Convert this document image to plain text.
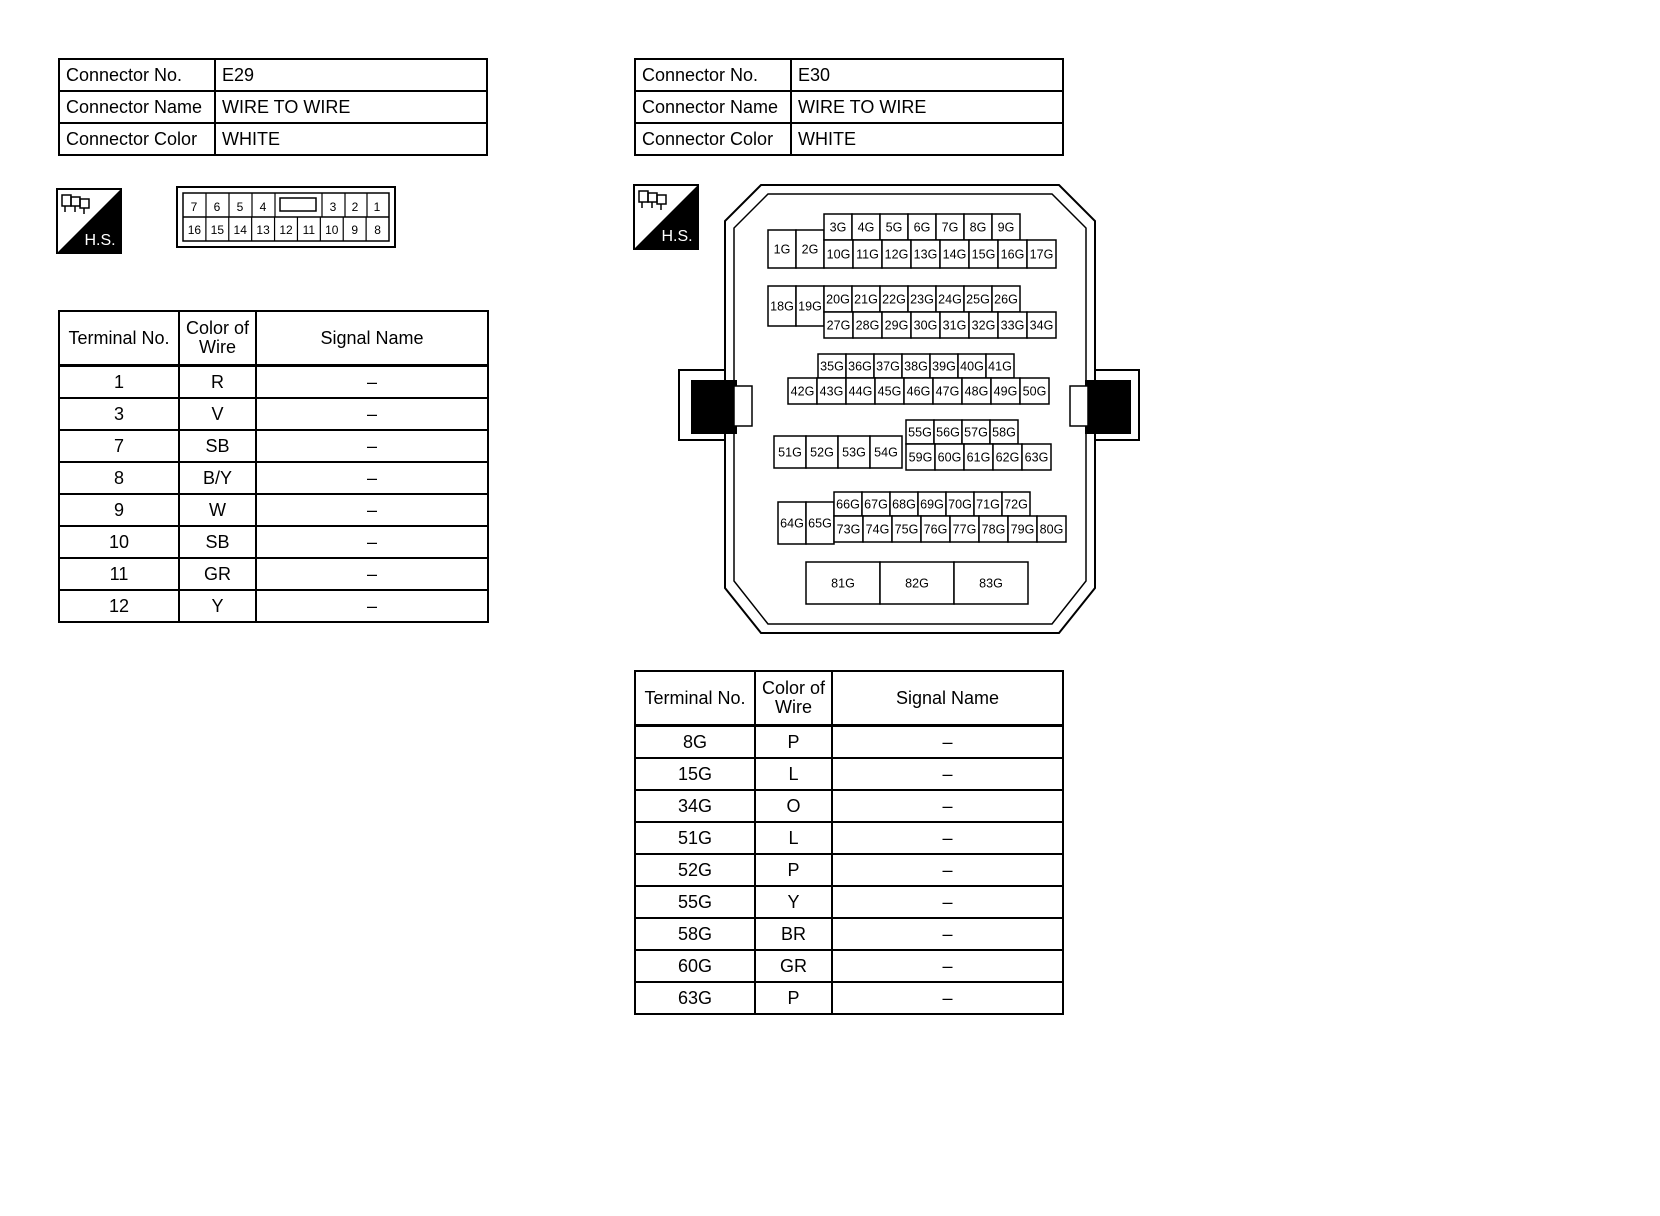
Connector No.	E29
Connector Name	WIRE TO WIRE
Connector Color	WHITE
H.S.
7 6 5 4	3 2 1
16 15 14 13 12 11 10 9 8
Terminal No.	Color of Wire	Signal Name
1	R	–
3	V	–
7	SB	–
8	B/Y	–
9	W	–
10	SB	–
11	GR	–
12	Y	–
Connector No.	E30
Connector Name	WIRE TO WIRE
Connector Color	WHITE
H.S.
1G 2G
3G 4G 5G 6G 7G 8G 9G
10G 11G 12G 13G 14G 15G 16G 17G
18G 19G 20G 21G 22G 23G 24G 25G 26G
27G 28G 29G 30G 31G 32G 33G 34G
35G 36G 37G 38G 39G 40G 41G
42G 43G 44G 45G 46G 47G 48G 49G 50G
51G 52G 53G 54G
55G 56G 57G 58G
59G 60G 61G 62G 63G
64G 65G
66G 67G 68G 69G 70G 71G 72G
73G 74G 75G 76G 77G 78G 79G 80G
81G	82G	83G
Terminal No.	Color of Wire	Signal Name
8G	P	–
15G	L	–
34G	O	–
51G	L	–
52G	P	–
55G	Y	–
58G	BR	–
60G	GR	–
63G	P	–
